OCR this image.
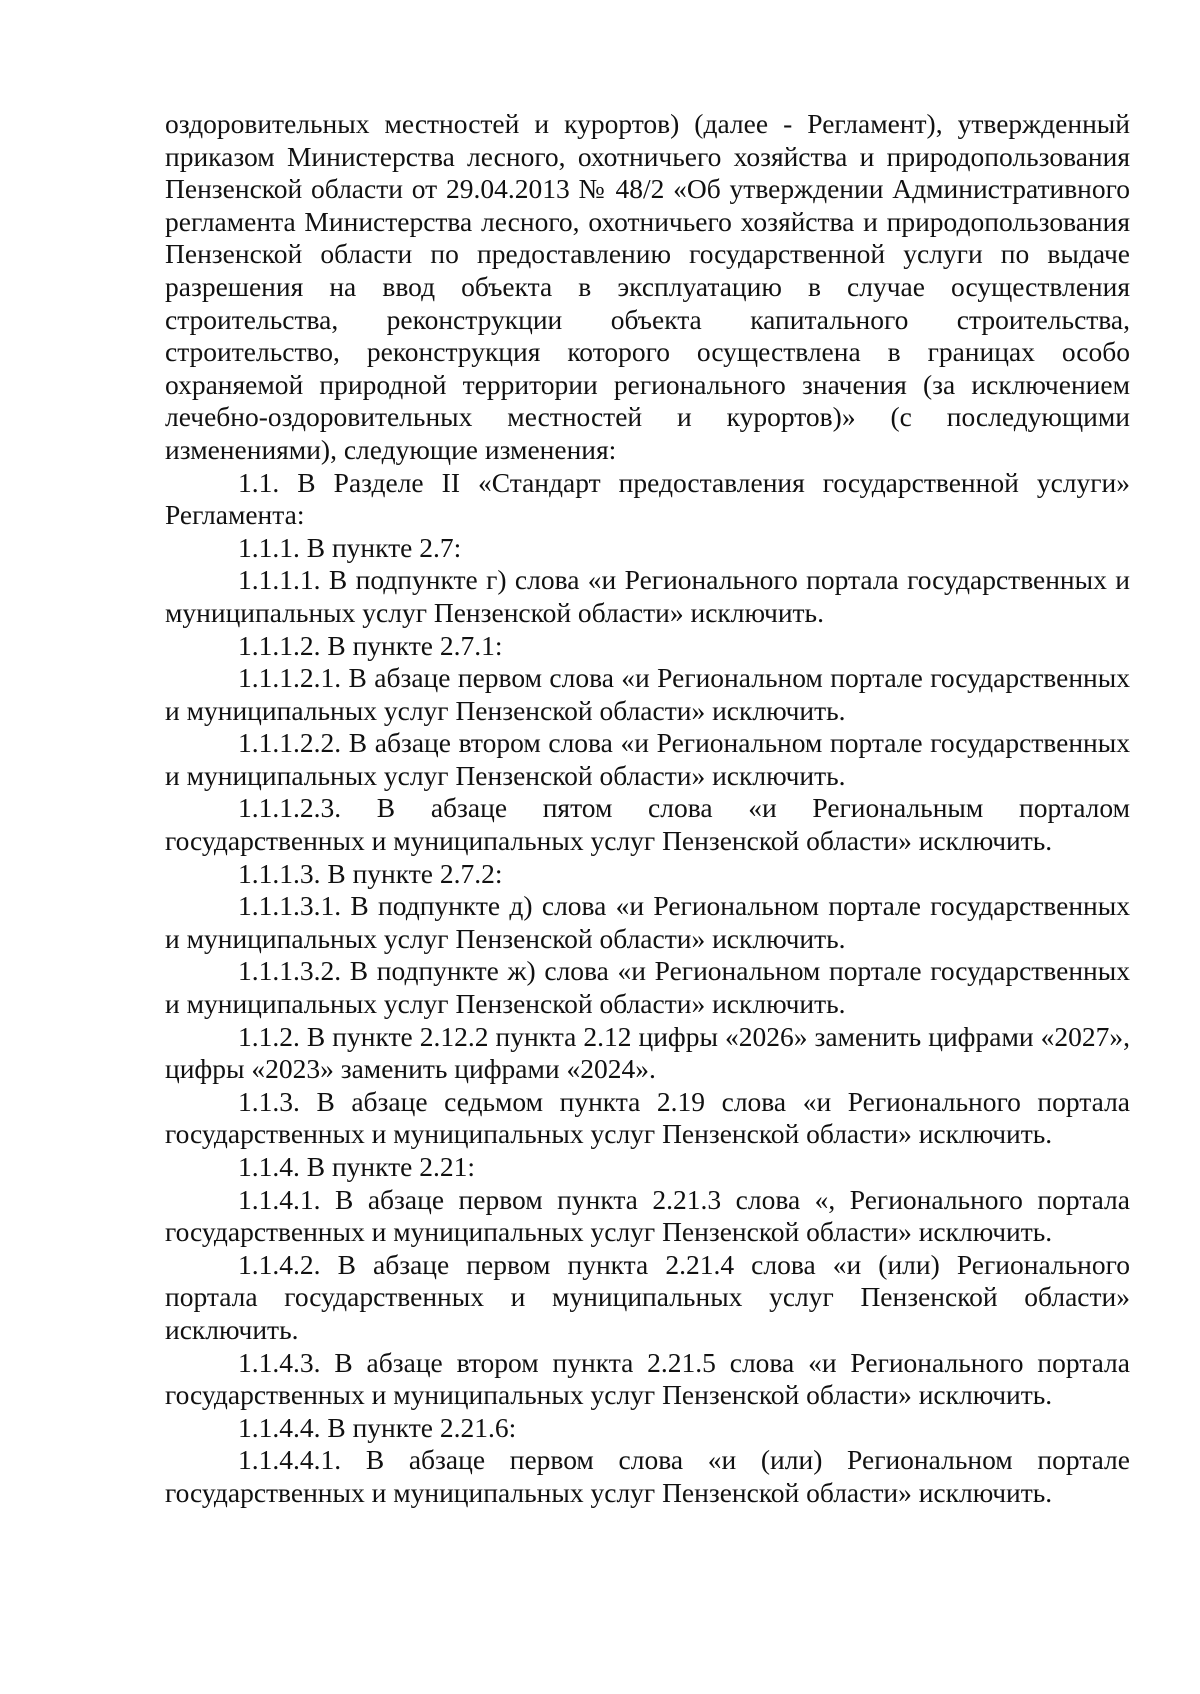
оздоровительных местностей и курортов) (далее - Регламент), утвержденный приказом Министерства лесного, охотничьего хозяйства и природопользования Пензенской области от 29.04.2013 № 48/2 «Об утверждении Административного регламента Министерства лесного, охотничьего хозяйства и природопользования Пензенской области по предоставлению государственной услуги по выдаче разрешения на ввод объекта в эксплуатацию в случае осуществления строительства, реконструкции объекта капитального строительства, строительство, реконструкция которого осуществлена в границах особо охраняемой природной территории регионального значения (за исключением лечебно-оздоровительных местностей и курортов)» (с последующими изменениями), следующие изменения:

1.1. В Разделе II «Стандарт предоставления государственной услуги» Регламента:

1.1.1. В пункте 2.7:

1.1.1.1. В подпункте г) слова «и Регионального портала государственных и муниципальных услуг Пензенской области» исключить.

1.1.1.2. В пункте 2.7.1:

1.1.1.2.1. В абзаце первом слова «и Региональном портале государственных и муниципальных услуг Пензенской области» исключить.

1.1.1.2.2. В абзаце втором слова «и Региональном портале государственных и муниципальных услуг Пензенской области» исключить.

1.1.1.2.3. В абзаце пятом слова «и Региональным порталом государственных и муниципальных услуг Пензенской области» исключить.

1.1.1.3. В пункте 2.7.2:

1.1.1.3.1. В подпункте д) слова «и Региональном портале государственных и муниципальных услуг Пензенской области» исключить.

1.1.1.3.2. В подпункте ж) слова «и Региональном портале государственных и муниципальных услуг Пензенской области» исключить.

1.1.2. В пункте 2.12.2 пункта 2.12 цифры «2026» заменить цифрами «2027», цифры «2023» заменить цифрами «2024».

1.1.3. В абзаце седьмом пункта 2.19 слова «и Регионального портала государственных и муниципальных услуг Пензенской области» исключить.

1.1.4. В пункте 2.21:

1.1.4.1. В абзаце первом пункта 2.21.3 слова «, Регионального портала государственных и муниципальных услуг Пензенской области» исключить.

1.1.4.2. В абзаце первом пункта 2.21.4 слова «и (или) Регионального портала государственных и муниципальных услуг Пензенской области» исключить.

1.1.4.3. В абзаце втором пункта 2.21.5 слова «и Регионального портала государственных и муниципальных услуг Пензенской области» исключить.

1.1.4.4. В пункте 2.21.6:

1.1.4.4.1. В абзаце первом слова «и (или) Региональном портале государственных и муниципальных услуг Пензенской области» исключить.
